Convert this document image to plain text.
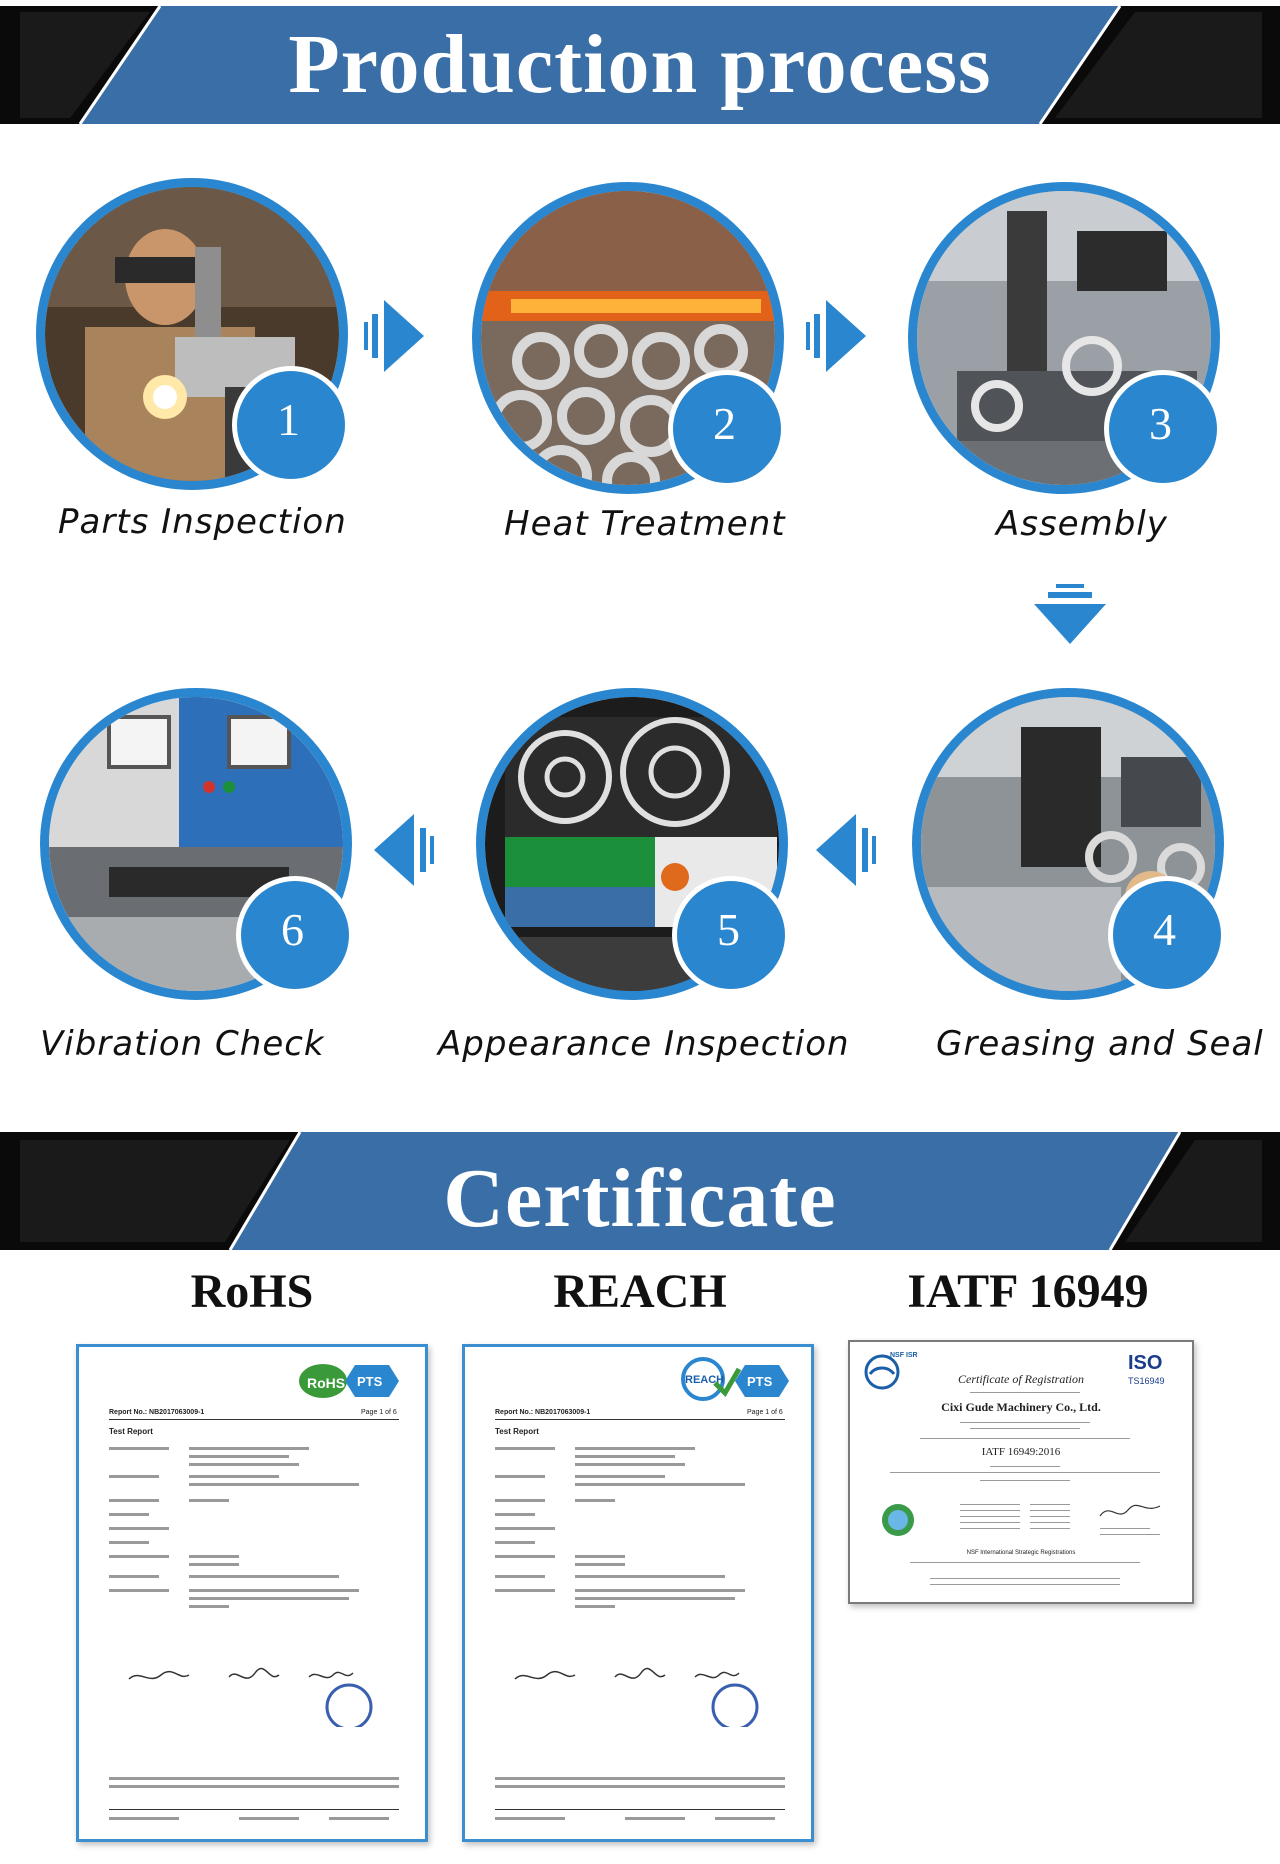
Production process
1
Parts Inspection
2
Heat Treatment
3
Assembly
4
Greasing and Seal
5
Appearance Inspection
6
Vibration Check
Certificate
RoHS	REACH	IATF 16949
RoHS PTS
Report No.: NB2017063009-1	Page 1 of 6
Test Report
REACH PTS
Report No.: NB2017063009-1	Page 1 of 6
Test Report
NSF ISR	ISO
TS16949
Certificate of Registration
Cixi Gude Machinery Co., Ltd.
IATF 16949:2016
NSF International Strategic Registrations
